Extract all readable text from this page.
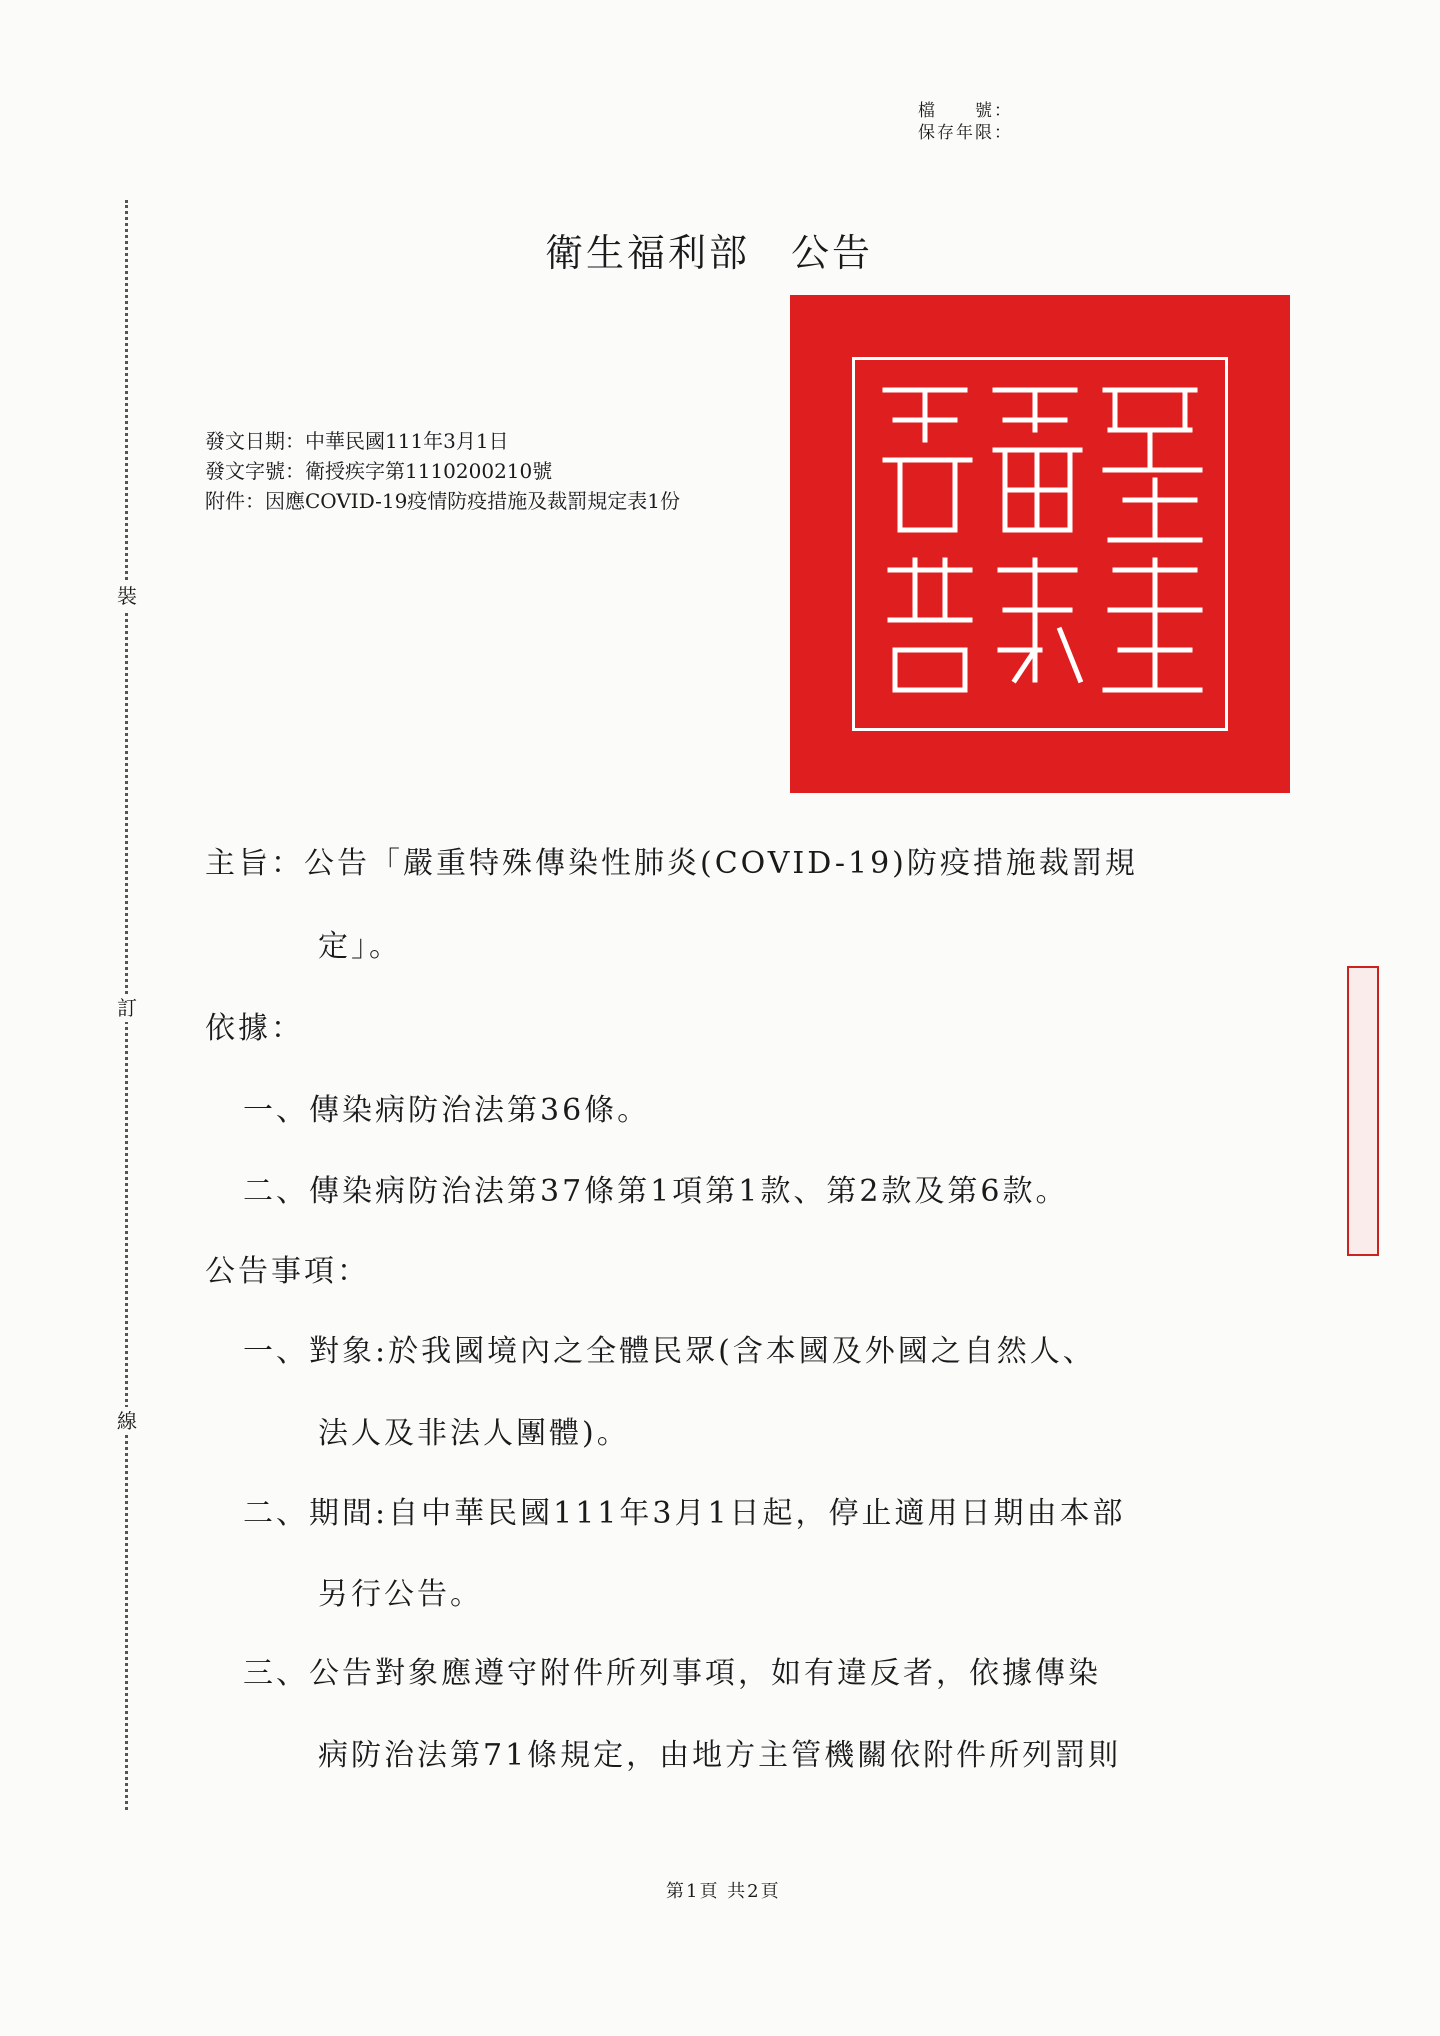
檔　　號：
保存年限：
衛生福利部　公告
發文日期：中華民國111年3月1日
發文字號：衛授疾字第1110200210號
附件：因應COVID-19疫情防疫措施及裁罰規定表1份
裝
訂
線
主旨：公告「嚴重特殊傳染性肺炎(COVID-19)防疫措施裁罰規
定」。
依據：
一、傳染病防治法第36條。
二、傳染病防治法第37條第1項第1款、第2款及第6款。
公告事項：
一、對象:於我國境內之全體民眾(含本國及外國之自然人、
法人及非法人團體)。
二、期間:自中華民國111年3月1日起，停止適用日期由本部
另行公告。
三、公告對象應遵守附件所列事項，如有違反者，依據傳染
病防治法第71條規定，由地方主管機關依附件所列罰則
第1頁 共2頁
